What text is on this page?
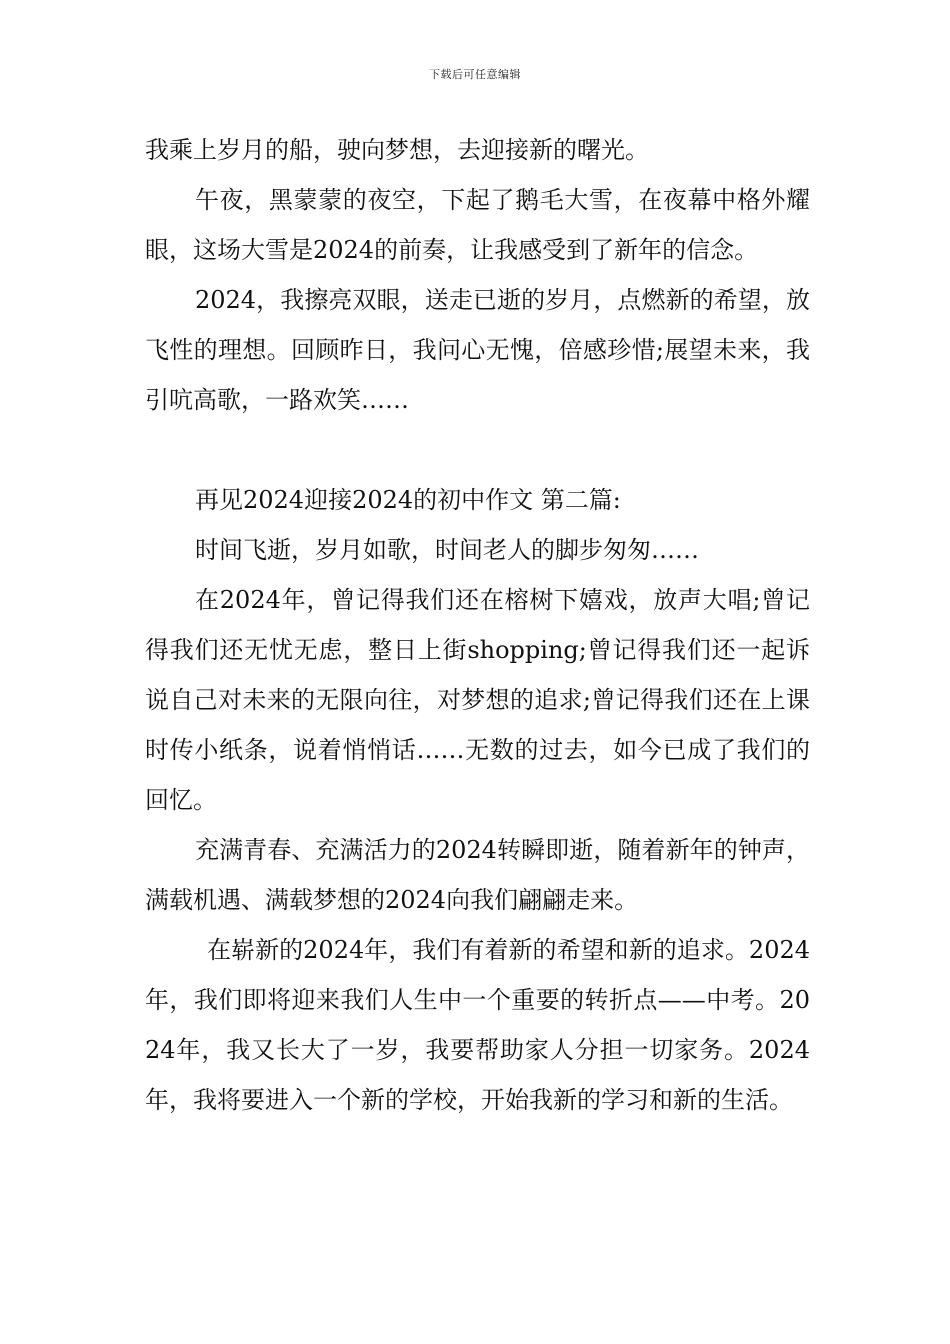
下载后可任意编辑

我乘上岁月的船，驶向梦想，去迎接新的曙光。

午夜，黑蒙蒙的夜空，下起了鹅毛大雪，在夜幕中格外耀眼，这场大雪是2024的前奏，让我感受到了新年的信念。

2024，我擦亮双眼，送走已逝的岁月，点燃新的希望，放飞性的理想。回顾昨日，我问心无愧，倍感珍惜;展望未来，我引吭高歌，一路欢笑……

再见2024迎接2024的初中作文 第二篇:

时间飞逝，岁月如歌，时间老人的脚步匆匆……

在2024年，曾记得我们还在榕树下嬉戏，放声大唱;曾记得我们还无忧无虑，整日上街shopping;曾记得我们还一起诉说自己对未来的无限向往，对梦想的追求;曾记得我们还在上课时传小纸条，说着悄悄话……无数的过去，如今已成了我们的回忆。

充满青春、充满活力的2024转瞬即逝，随着新年的钟声，满载机遇、满载梦想的2024向我们翩翩走来。

在崭新的2024年，我们有着新的希望和新的追求。2024年，我们即将迎来我们人生中一个重要的转折点——中考。2024年，我又长大了一岁，我要帮助家人分担一切家务。2024年，我将要进入一个新的学校，开始我新的学习和新的生活。
